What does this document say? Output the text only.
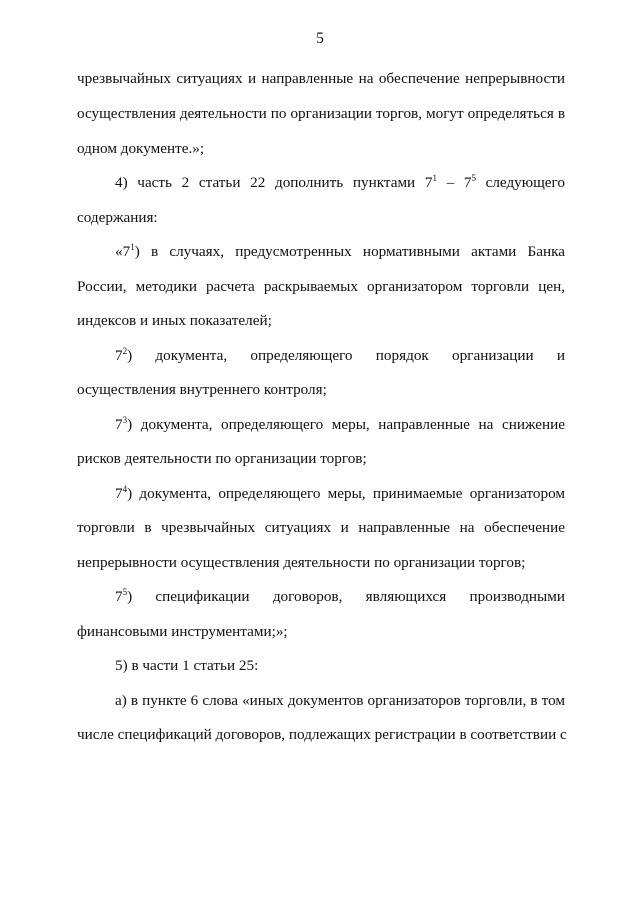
5
чрезвычайных ситуациях и направленные на обеспечение непрерывности
осуществления деятельности по организации торгов, могут определяться в
одном документе.»;
4) часть 2 статьи 22 дополнить пунктами $7^1 - 7^5$ следующего
содержания:
«$7^1$) в случаях, предусмотренных нормативными актами Банка
России, методики расчета раскрываемых организатором торговли цен,
индексов и иных показателей;
$7^2$) документа, определяющего порядок организации и
осуществления внутреннего контроля;
$7^3$) документа, определяющего меры, направленные на снижение
рисков деятельности по организации торгов;
$7^4$) документа, определяющего меры, принимаемые организатором
торговли в чрезвычайных ситуациях и направленные на обеспечение
непрерывности осуществления деятельности по организации торгов;
$7^5$) спецификации договоров, являющихся производными
финансовыми инструментами;»;
5) в части 1 статьи 25:
а) в пункте 6 слова «иных документов организаторов торговли, в том
числе спецификаций договоров, подлежащих регистрации в соответствии с
